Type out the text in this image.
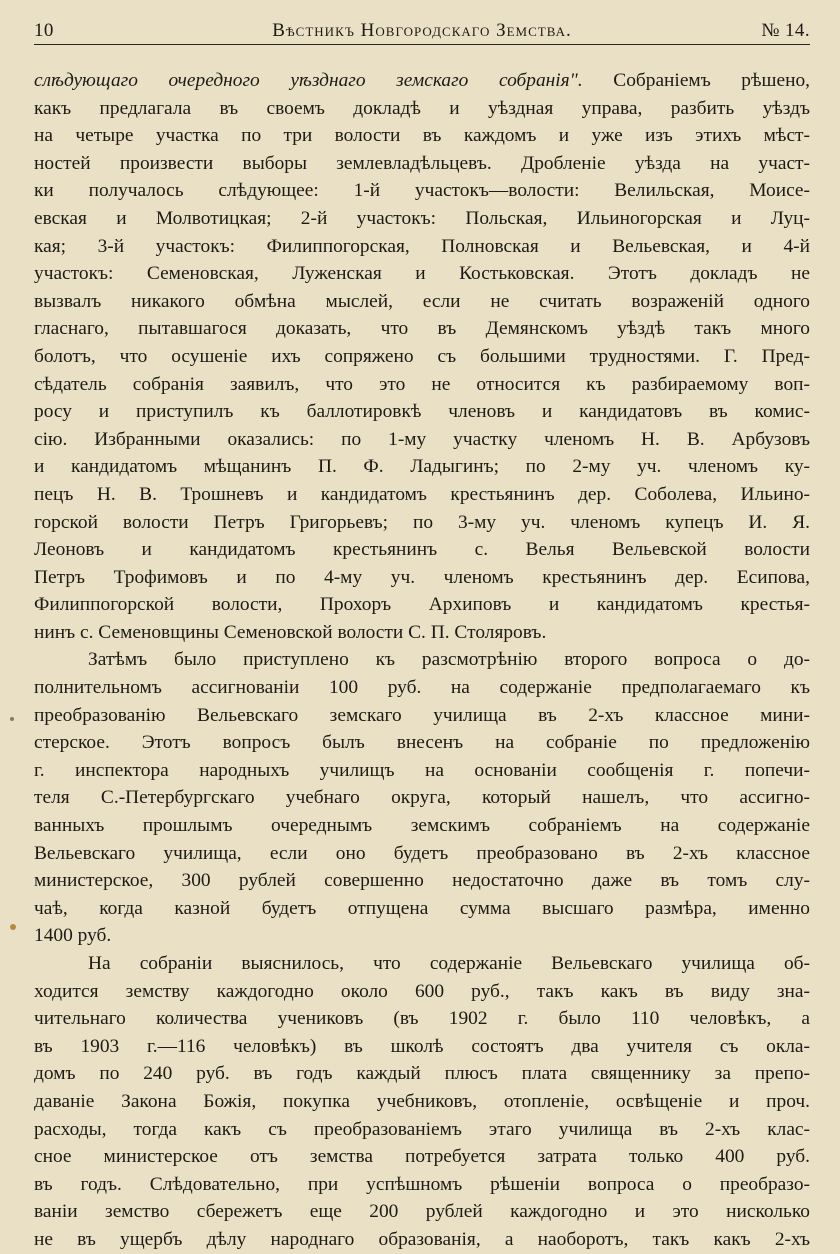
10	Вѣстникъ Новгородскаго Земства.	№ 14.
слѣдующаго очередного уѣзднаго земскаго собранія". Собраніемъ рѣшено,
какъ предлагала въ своемъ докладѣ и уѣздная управа, разбить уѣздъ
на четыре участка по три волости въ каждомъ и уже изъ этихъ мѣст-
ностей произвести выборы землевладѣльцевъ. Дробленіе уѣзда на участ-
ки получалось слѣдующее: 1-й участокъ—волости: Велильская, Моисе-
евская и Молвотицкая; 2-й участокъ: Польская, Ильиногорская и Луц-
кая; 3-й участокъ: Филиппогорская, Полновская и Вельевская, и 4-й
участокъ: Семеновская, Луженская и Костьковская. Этотъ докладъ не
вызвалъ никакого обмѣна мыслей, если не считать возраженій одного
гласнаго, пытавшагося доказать, что въ Демянскомъ уѣздѣ такъ много
болотъ, что осушеніе ихъ сопряжено съ большими трудностями. Г. Пред-
сѣдатель собранія заявилъ, что это не относится къ разбираемому воп-
росу и приступилъ къ баллотировкѣ членовъ и кандидатовъ въ комис-
сію. Избранными оказались: по 1-му участку членомъ Н. В. Арбузовъ
и кандидатомъ мѣщанинъ П. Ф. Ладыгинъ; по 2-му уч. членомъ ку-
пецъ Н. В. Трошневъ и кандидатомъ крестьянинъ дер. Соболева, Ильино-
горской волости Петръ Григорьевъ; по 3-му уч. членомъ купецъ И. Я.
Леоновъ и кандидатомъ крестьянинъ с. Велья Вельевской волости
Петръ Трофимовъ и по 4-му уч. членомъ крестьянинъ дер. Есипова,
Филиппогорской волости, Прохоръ Архиповъ и кандидатомъ крестья-
нинъ с. Семеновщины Семеновской волости С. П. Столяровъ.
Затѣмъ было приступлено къ разсмотрѣнію второго вопроса о до-
полнительномъ ассигнованіи 100 руб. на содержаніе предполагаемаго къ
преобразованію Вельевскаго земскаго училища въ 2-хъ классное мини-
стерское. Этотъ вопросъ былъ внесенъ на собраніе по предложенію
г. инспектора народныхъ училищъ на основаніи сообщенія г. попечи-
теля С.-Петербургскаго учебнаго округа, который нашелъ, что ассигно-
ванныхъ прошлымъ очереднымъ земскимъ собраніемъ на содержаніе
Вельевскаго училища, если оно будетъ преобразовано въ 2-хъ классное
министерское, 300 рублей совершенно недостаточно даже въ томъ слу-
чаѣ, когда казной будетъ отпущена сумма высшаго размѣра, именно
1400 руб.
На собраніи выяснилось, что содержаніе Вельевскаго училища об-
ходится земству каждогодно около 600 руб., такъ какъ въ виду зна-
чительнаго количества учениковъ (въ 1902 г. было 110 человѣкъ, а
въ 1903 г.—116 человѣкъ) въ школѣ состоятъ два учителя съ окла-
домъ по 240 руб. въ годъ каждый плюсъ плата священнику за препо-
даваніе Закона Божія, покупка учебниковъ, отопленіе, освѣщеніе и проч.
расходы, тогда какъ съ преобразованіемъ этаго училища въ 2-хъ клас-
сное министерское отъ земства потребуется затрата только 400 руб.
въ годъ. Слѣдовательно, при успѣшномъ рѣшеніи вопроса о преобразо-
ваніи земство сбережетъ еще 200 рублей каждогодно и это нисколько
не въ ущербъ дѣлу народнаго образованія, а наоборотъ, такъ какъ 2-хъ
